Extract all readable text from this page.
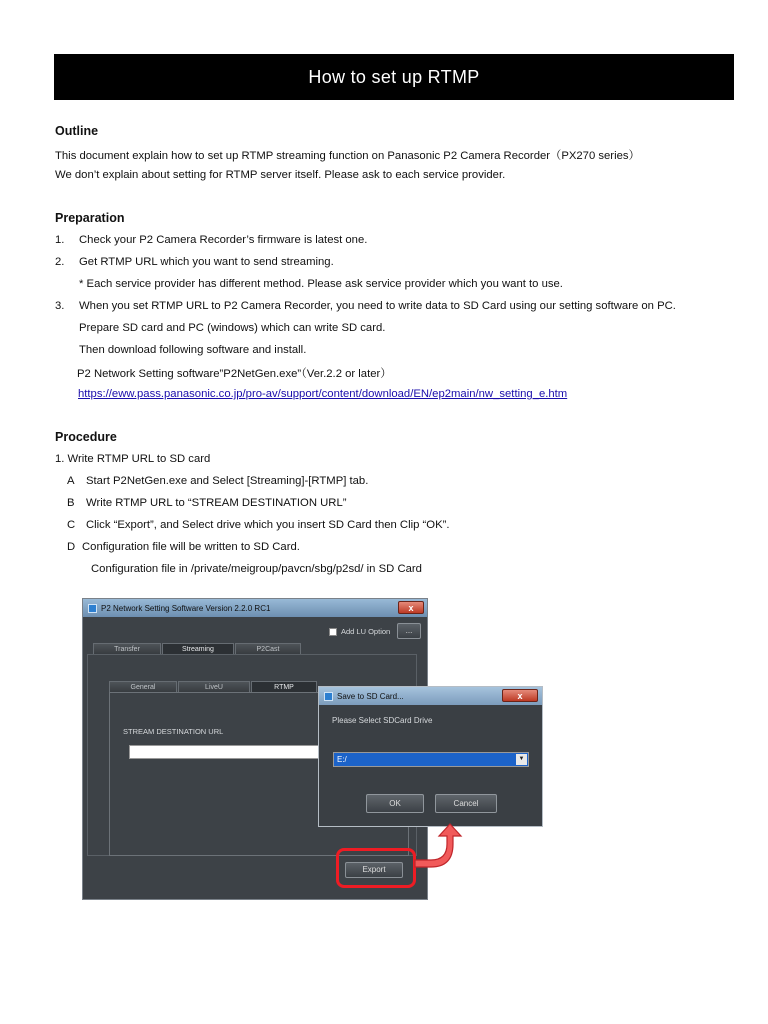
How to set up RTMP
Outline
This document explain how to set up RTMP streaming function on Panasonic P2 Camera Recorder（PX270 series）
We don’t explain about setting for RTMP server itself. Please ask to each service provider.
Preparation
1. Check your P2 Camera Recorder’s firmware is latest one.
2. Get RTMP URL which you want to send streaming.
* Each service provider has different method. Please ask service provider which you want to use.
3. When you set RTMP URL to P2 Camera Recorder, you need to write data to SD Card using our setting software on PC.
Prepare SD card and PC (windows) which can write SD card.
Then download following software and install.
P2 Network Setting software”P2NetGen.exe”（Ver.2.2 or later）
https://eww.pass.panasonic.co.jp/pro-av/support/content/download/EN/ep2main/nw_setting_e.htm
Procedure
1. Write RTMP URL to SD card
A Start P2NetGen.exe and Select [Streaming]-[RTMP] tab.
B Write RTMP URL to “STREAM DESTINATION URL”
C Click “Export”, and Select drive which you insert SD Card then Clip “OK”.
D Configuration file will be written to SD Card.
Configuration file in /private/meigroup/pavcn/sbg/p2sd/ in SD Card
P2 Network Setting Software Version 2.2.0 RC1	x
Add LU Option	...
Transfer	Streaming	P2Cast
General	LiveU	RTMP
STREAM DESTINATION URL
Export
Save to SD Card...	x
Please Select SDCard Drive
E:/	▼
OK	Cancel
